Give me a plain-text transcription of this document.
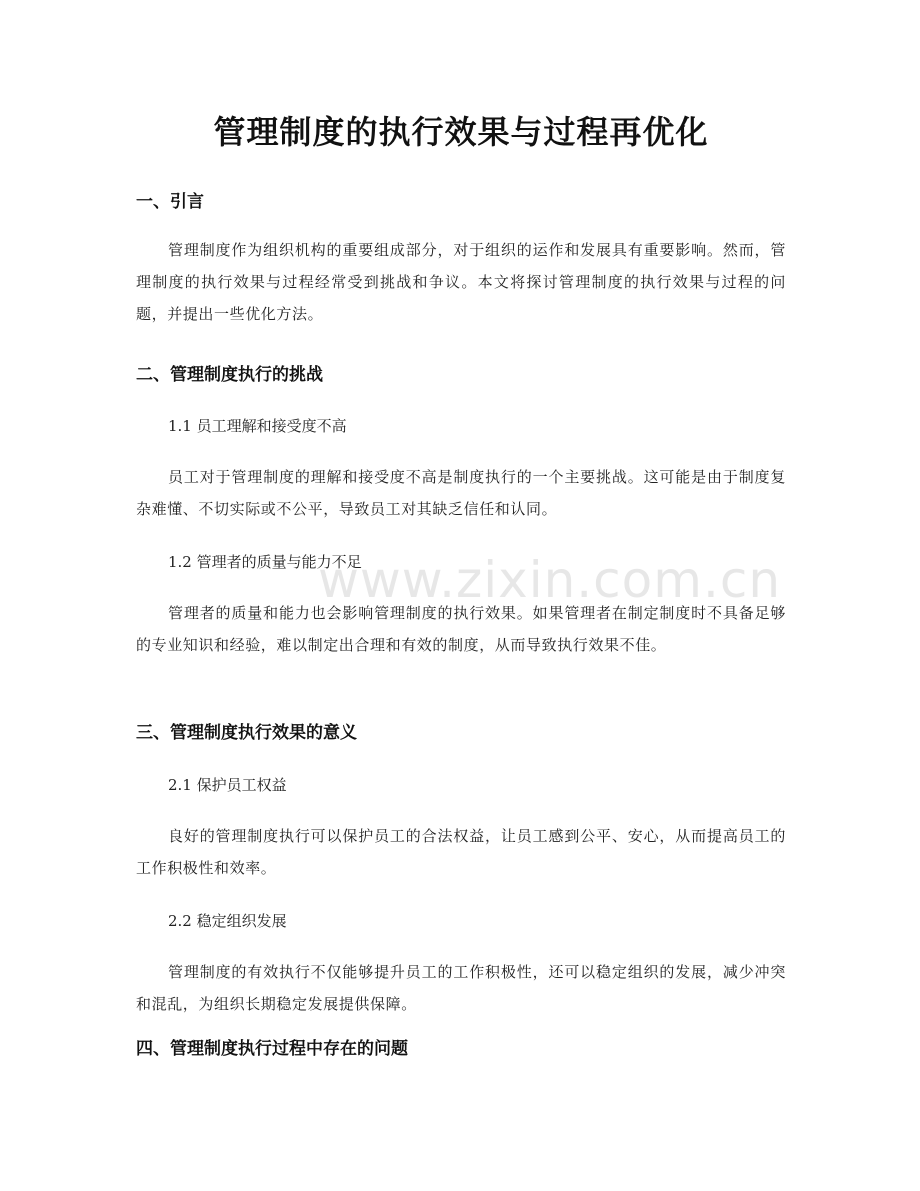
管理制度的执行效果与过程再优化
一、引言
管理制度作为组织机构的重要组成部分，对于组织的运作和发展具有重要影响。然而，管理制度的执行效果与过程经常受到挑战和争议。本文将探讨管理制度的执行效果与过程的问题，并提出一些优化方法。
二、管理制度执行的挑战
1.1 员工理解和接受度不高
员工对于管理制度的理解和接受度不高是制度执行的一个主要挑战。这可能是由于制度复杂难懂、不切实际或不公平，导致员工对其缺乏信任和认同。
1.2 管理者的质量与能力不足
管理者的质量和能力也会影响管理制度的执行效果。如果管理者在制定制度时不具备足够的专业知识和经验，难以制定出合理和有效的制度，从而导致执行效果不佳。
三、管理制度执行效果的意义
2.1 保护员工权益
良好的管理制度执行可以保护员工的合法权益，让员工感到公平、安心，从而提高员工的工作积极性和效率。
2.2 稳定组织发展
管理制度的有效执行不仅能够提升员工的工作积极性，还可以稳定组织的发展，减少冲突和混乱，为组织长期稳定发展提供保障。
四、管理制度执行过程中存在的问题
www.zixin.com.cn
